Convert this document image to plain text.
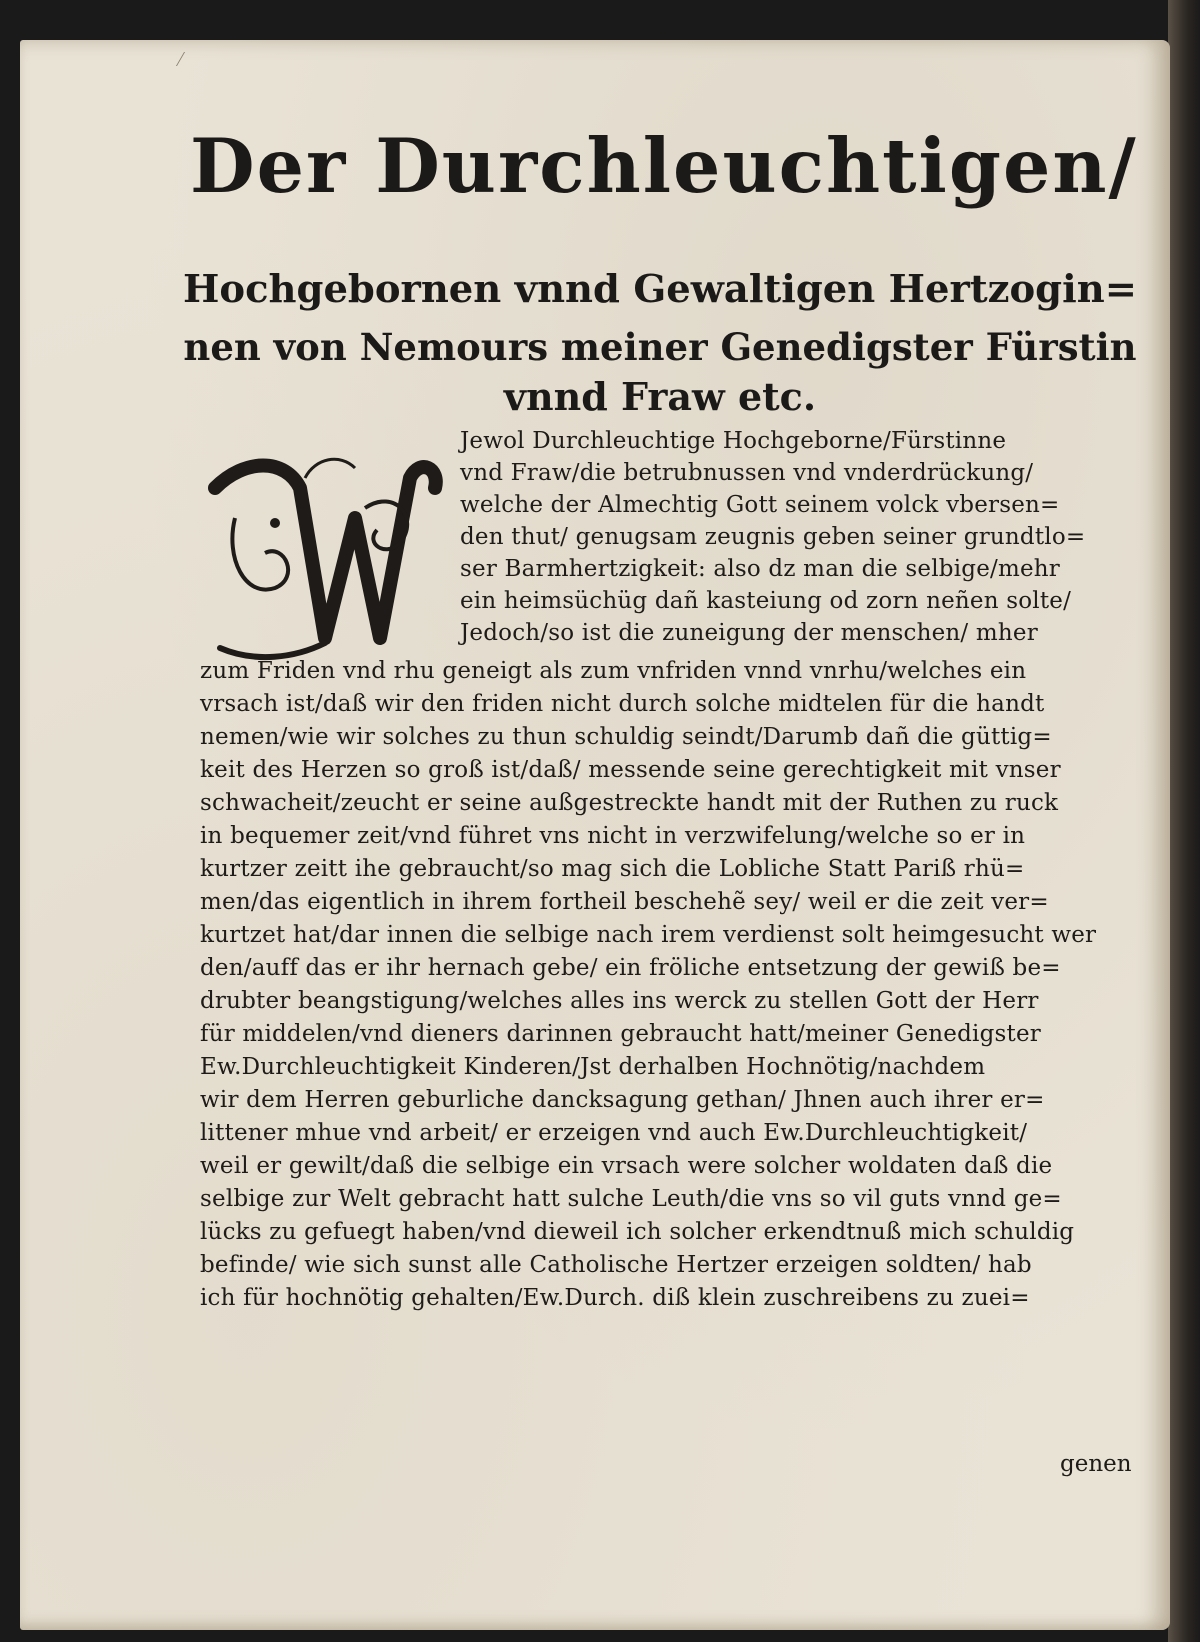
Der Durchleuchtigen/

Hochgebornen vnnd Gewaltigen Hertzogin=

nen von Nemours meiner Genedigster Fürstin

vnnd Fraw etc.

Jewol Durchleuchtige Hochgeborne/Fürstinne

vnd Fraw/die betrubnussen vnd vnderdrückung/

welche der Almechtig Gott seinem volck vbersen=

den thut/ genugsam zeugnis geben seiner grundtlo=

ser Barmhertzigkeit: also dz man die selbige/mehr

ein heimsüchüg dañ kasteiung od zorn neñen solte/

Jedoch/so ist die zuneigung der menschen/ mher

zum Friden vnd rhu geneigt als zum vnfriden vnnd vnrhu/welches ein

vrsach ist/daß wir den friden nicht durch solche midtelen für die handt

nemen/wie wir solches zu thun schuldig seindt/Darumb dañ die güttig=

keit des Herzen so groß ist/daß/ messende seine gerechtigkeit mit vnser

schwacheit/zeucht er seine außgestreckte handt mit der Ruthen zu ruck

in bequemer zeit/vnd führet vns nicht in verzwifelung/welche so er in

kurtzer zeitt ihe gebraucht/so mag sich die Lobliche Statt Pariß rhü=

men/das eigentlich in ihrem fortheil beschehẽ sey/ weil er die zeit ver=

kurtzet hat/dar innen die selbige nach irem verdienst solt heimgesucht wer

den/auff das er ihr hernach gebe/ ein fröliche entsetzung der gewiß be=

drubter beangstigung/welches alles ins werck zu stellen Gott der Herr

für middelen/vnd dieners darinnen gebraucht hatt/meiner Genedigster

Ew.Durchleuchtigkeit Kinderen/Jst derhalben Hochnötig/nachdem

wir dem Herren geburliche dancksagung gethan/ Jhnen auch ihrer er=

littener mhue vnd arbeit/ er erzeigen vnd auch Ew.Durchleuchtigkeit/

weil er gewilt/daß die selbige ein vrsach were solcher woldaten daß die

selbige zur Welt gebracht hatt sulche Leuth/die vns so vil guts vnnd ge=

lücks zu gefuegt haben/vnd dieweil ich solcher erkendtnuß mich schuldig

befinde/ wie sich sunst alle Catholische Hertzer erzeigen soldten/ hab

ich für hochnötig gehalten/Ew.Durch. diß klein zuschreibens zu zuei=

genen
